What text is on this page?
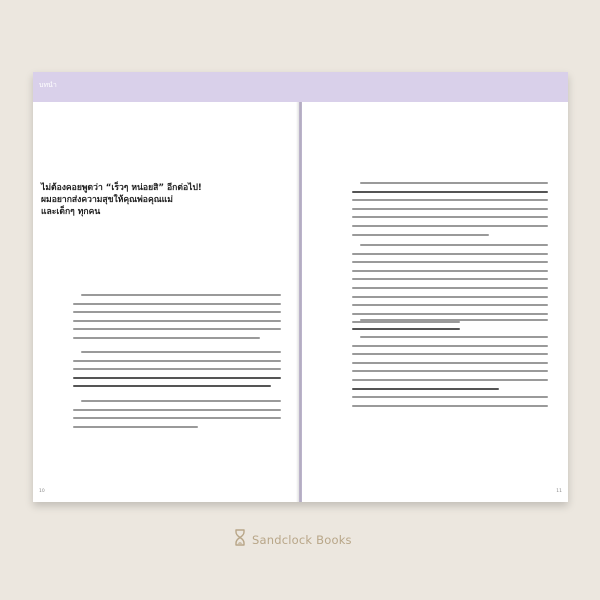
บทนำ
ไม่ต้องคอยพูดว่า “เร็วๆ หน่อยสิ” อีกต่อไป!
ผมอยากส่งความสุขให้คุณพ่อคุณแม่
และเด็กๆ ทุกคน
10	11
Sandclock Books
